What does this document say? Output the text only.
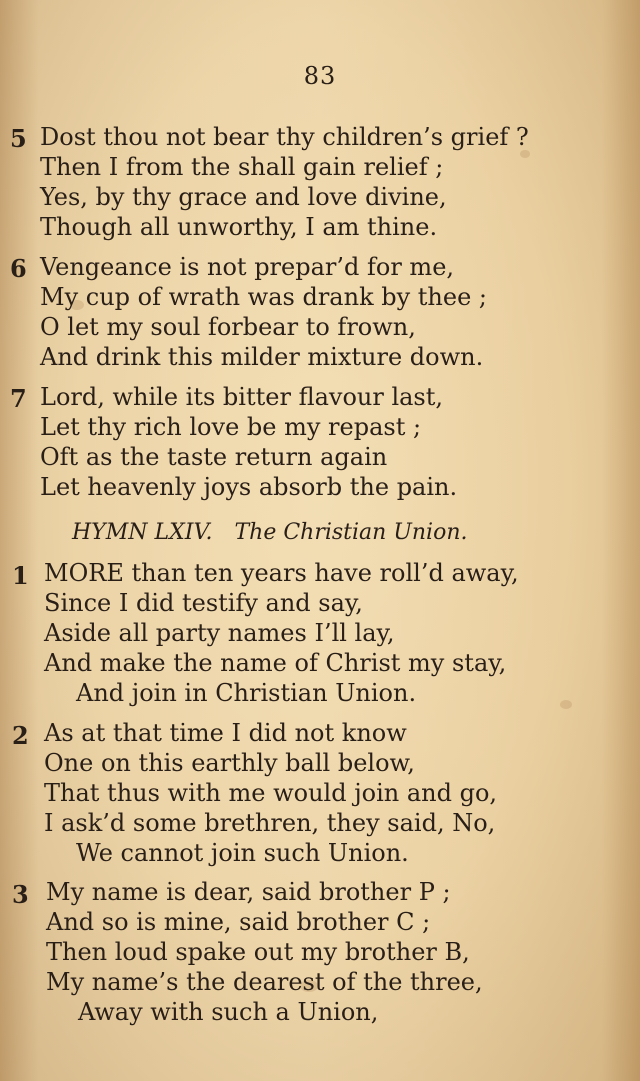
83
5 Dost thou not bear thy children’s grief ?
Then I from the shall gain relief ;
Yes, by thy grace and love divine,
Though all unworthy, I am thine.
6 Vengeance is not prepar’d for me,
My cup of wrath was drank by thee ;
O let my soul forbear to frown,
And drink this milder mixture down.
7 Lord, while its bitter flavour last,
Let thy rich love be my repast ;
Oft as the taste return again
Let heavenly joys absorb the pain.
HYMN LXIV. The Christian Union.
1 MORE than ten years have roll’d away,
Since I did testify and say,
Aside all party names I’ll lay,
And make the name of Christ my stay,
And join in Christian Union.
2 As at that time I did not know
One on this earthly ball below,
That thus with me would join and go,
I ask’d some brethren, they said, No,
We cannot join such Union.
3 My name is dear, said brother P ;
And so is mine, said brother C ;
Then loud spake out my brother B,
My name’s the dearest of the three,
Away with such a Union,
